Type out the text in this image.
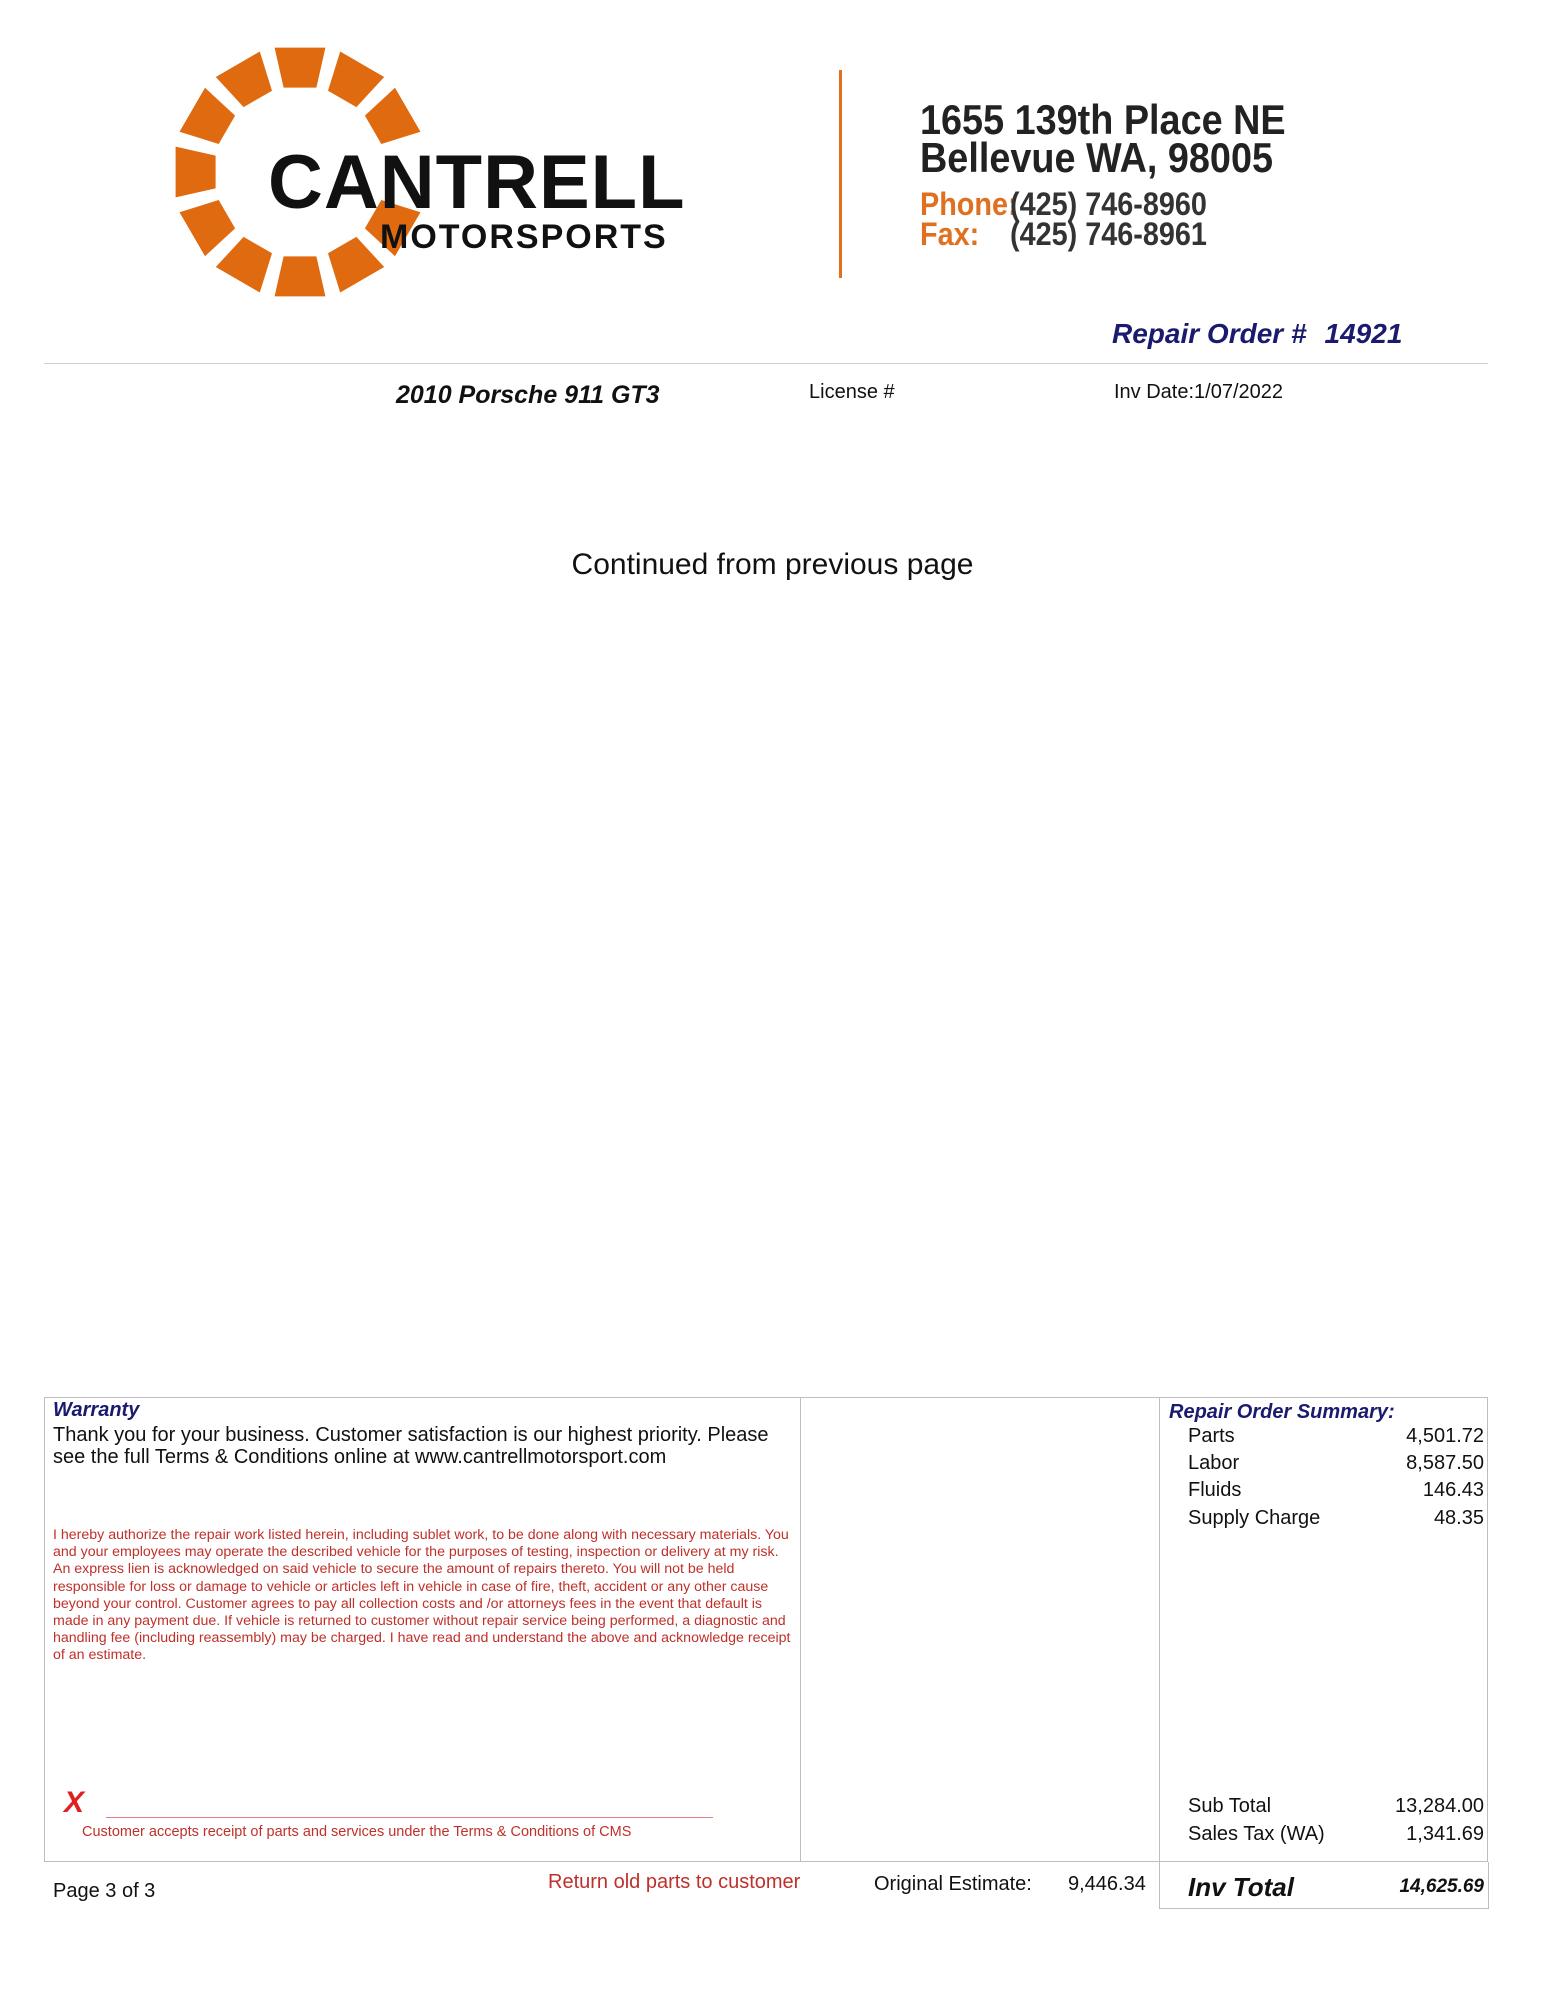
CANTRELL
MOTORSPORTS
1655 139th Place NE
Bellevue WA, 98005
Phone:
(425) 746-8960
Fax: (425) 746-8961
Repair Order # 14921
2010 Porsche 911 GT3	License #	Inv Date:1/07/2022
Continued from previous page
Warranty
Thank you for your business. Customer satisfaction is our highest priority. Please see the full Terms & Conditions online at www.cantrellmotorsport.com
I hereby authorize the repair work listed herein, including sublet work, to be done along with necessary materials. You and your employees may operate the described vehicle for the purposes of testing, inspection or delivery at my risk. An express lien is acknowledged on said vehicle to secure the amount of repairs thereto. You will not be held responsible for loss or damage to vehicle or articles left in vehicle in case of fire, theft, accident or any other cause beyond your control. Customer agrees to pay all collection costs and /or attorneys fees in the event that default is made in any payment due. If vehicle is returned to customer without repair service being performed, a diagnostic and handling fee (including reassembly) may be charged. I have read and understand the above and acknowledge receipt of an estimate.
X
Customer accepts receipt of parts and services under the Terms & Conditions of CMS
Repair Order Summary:
Parts	4,501.72
Labor	8,587.50
Fluids	146.43
Supply Charge	48.35
Sub Total	13,284.00
Sales Tax (WA)	1,341.69
Page 3 of 3	Return old parts to customer	Original Estimate: 9,446.34 Inv Total	14,625.69
